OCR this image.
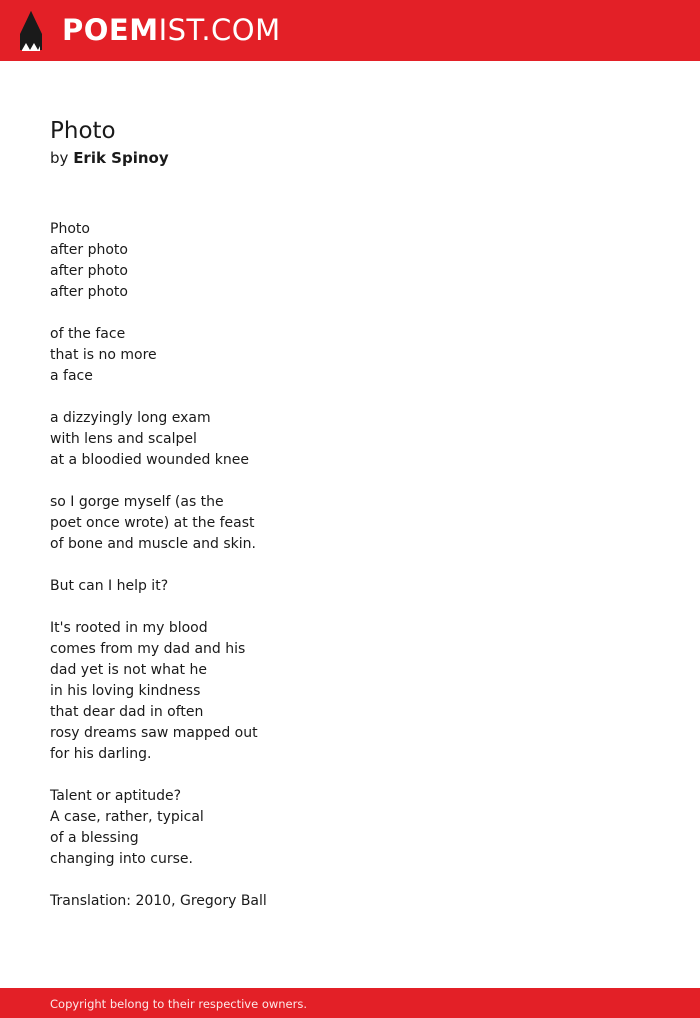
POEMIST.COM
Photo

by Erik Spinoy

Photo
after photo
after photo
after photo
of the face
that is no more
a face
a dizzyingly long exam
with lens and scalpel
at a bloodied wounded knee
so I gorge myself (as the
poet once wrote) at the feast
of bone and muscle and skin.
But can I help it?
It's rooted in my blood
comes from my dad and his
dad yet is not what he
in his loving kindness
that dear dad in often
rosy dreams saw mapped out
for his darling.
Talent or aptitude?
A case, rather, typical
of a blessing
changing into curse.
Translation: 2010, Gregory Ball
Copyright belong to their respective owners.
